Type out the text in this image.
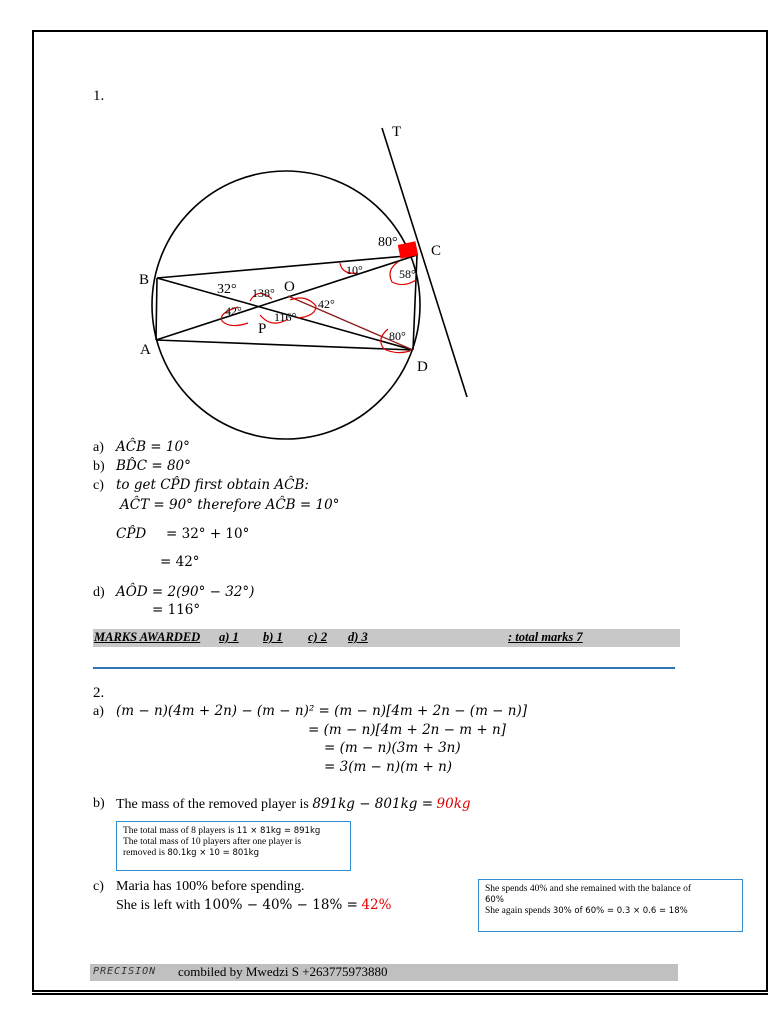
1.
T
C
B	O
P
A
D
80°
10°	58°
32° 138°
42°	42°
116°
80°
a) AĈB = 10°
b) BD̂C = 80°
c) to get CP̂D first obtain AĈB:
AĈT = 90° therefore AĈB = 10°
CP̂D = 32° + 10°
= 42°
d) AÔD = 2(90° − 32°)
= 116°
MARKS AWARDED a) 1 b) 1 c) 2 d) 3	: total marks 7
2.
a) (m − n)(4m + 2n) − (m − n)² = (m − n)[4m + 2n − (m − n)]
= (m − n)[4m + 2n − m + n]
= (m − n)(3m + 3n)
= 3(m − n)(m + n)
b) The mass of the removed player is 891kg − 801kg = 90kg
The total mass of 8 players is 11 × 81kg = 891kg
The total mass of 10 players after one player is
removed is 80.1kg × 10 = 801kg
c) Maria has 100% before spending.
She is left with 100% − 40% − 18% = 42%
She spends 40% and she remained with the balance of
60%
She again spends 30% of 60% = 0.3 × 0.6 = 18%
PRECISION combiled by Mwedzi S +263775973880
